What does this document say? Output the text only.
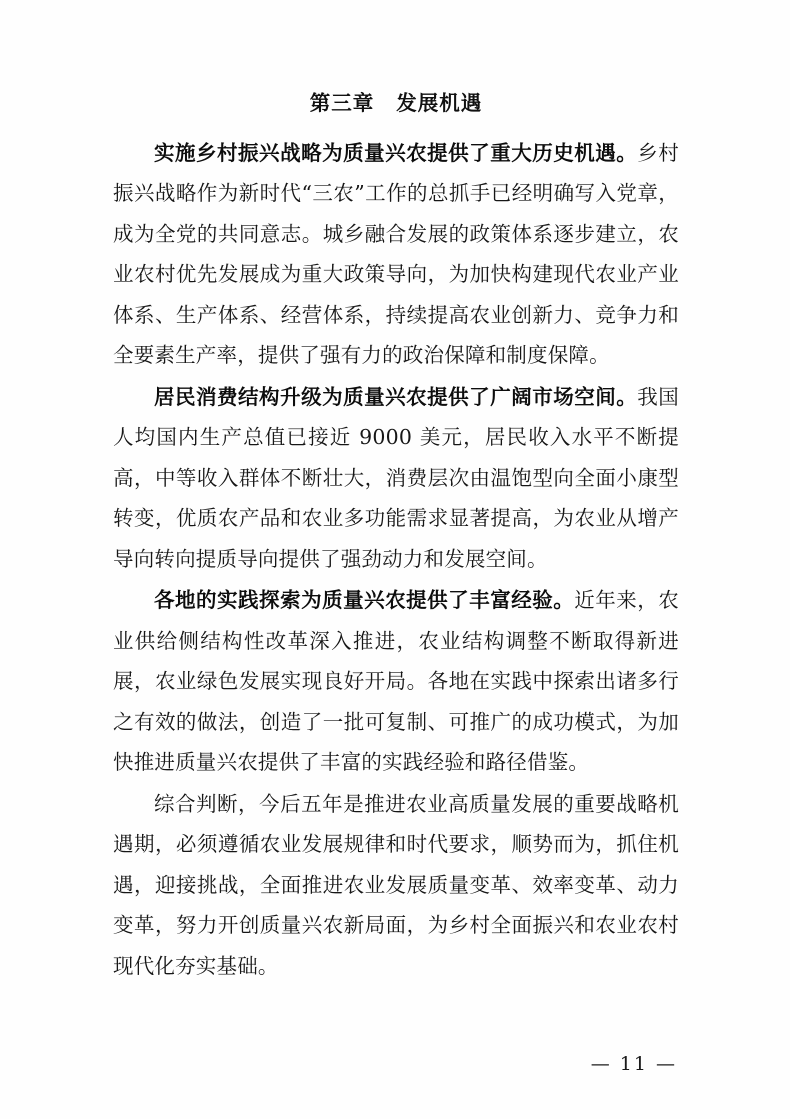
第三章 发展机遇

实施乡村振兴战略为质量兴农提供了重大历史机遇。乡村振兴战略作为新时代“三农”工作的总抓手已经明确写入党章，成为全党的共同意志。城乡融合发展的政策体系逐步建立，农业农村优先发展成为重大政策导向，为加快构建现代农业产业体系、生产体系、经营体系，持续提高农业创新力、竞争力和全要素生产率，提供了强有力的政治保障和制度保障。

居民消费结构升级为质量兴农提供了广阔市场空间。我国人均国内生产总值已接近 9000 美元，居民收入水平不断提高，中等收入群体不断壮大，消费层次由温饱型向全面小康型转变，优质农产品和农业多功能需求显著提高，为农业从增产导向转向提质导向提供了强劲动力和发展空间。

各地的实践探索为质量兴农提供了丰富经验。近年来，农业供给侧结构性改革深入推进，农业结构调整不断取得新进展，农业绿色发展实现良好开局。各地在实践中探索出诸多行之有效的做法，创造了一批可复制、可推广的成功模式，为加快推进质量兴农提供了丰富的实践经验和路径借鉴。

综合判断，今后五年是推进农业高质量发展的重要战略机遇期，必须遵循农业发展规律和时代要求，顺势而为，抓住机遇，迎接挑战，全面推进农业发展质量变革、效率变革、动力变革，努力开创质量兴农新局面，为乡村全面振兴和农业农村现代化夯实基础。

— 11 —
